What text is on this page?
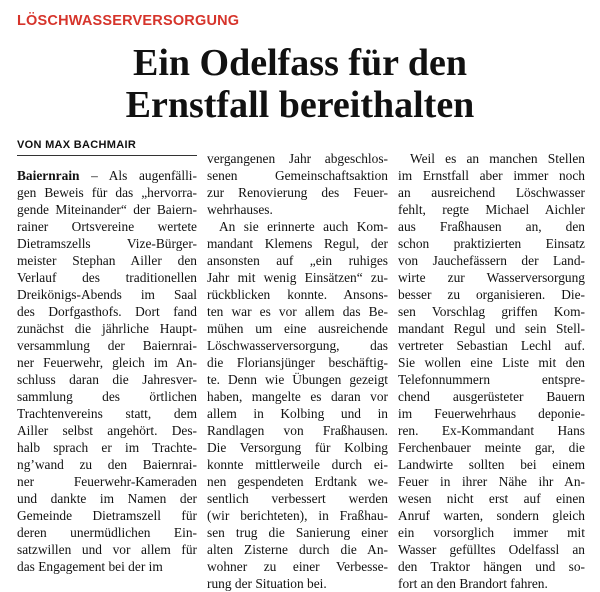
LÖSCHWASSERVERSORGUNG
Ein Odelfass für den
Ernstfall bereithalten
VON MAX BACHMAIR
Baiernrain – Als augenfälli-
gen Beweis für das „hervorra-
gende Miteinander“ der Baiern-
rainer Ortsvereine wertete
Dietramszells Vize-Bürger-
meister Stephan Ailler den
Verlauf des traditionellen
Dreikönigs-Abends im Saal
des Dorfgasthofs. Dort fand
zunächst die jährliche Haupt-
versammlung der Baiernrai-
ner Feuerwehr, gleich im An-
schluss daran die Jahresver-
sammlung des örtlichen
Trachtenvereins statt, dem
Ailler selbst angehört. Des-
halb sprach er im Trachte-
ng’wand zu den Baiernrai-
ner Feuerwehr-Kameraden
und dankte im Namen der
Gemeinde Dietramszell für
deren unermüdlichen Ein-
satzwillen und vor allem für
das Engagement bei der im
vergangenen Jahr abgeschlos-
senen Gemeinschaftsaktion
zur Renovierung des Feuer-
wehrhauses.
An sie erinnerte auch Kom-
mandant Klemens Regul, der
ansonsten auf „ein ruhiges
Jahr mit wenig Einsätzen“ zu-
rückblicken konnte. Ansons-
ten war es vor allem das Be-
mühen um eine ausreichende
Löschwasserversorgung, das
die Floriansjünger beschäftig-
te. Denn wie Übungen gezeigt
haben, mangelte es daran vor
allem in Kolbing und in
Randlagen von Fraßhausen.
Die Versorgung für Kolbing
konnte mittlerweile durch ei-
nen gespendeten Erdtank we-
sentlich verbessert werden
(wir berichteten), in Fraßhau-
sen trug die Sanierung einer
alten Zisterne durch die An-
wohner zu einer Verbesse-
rung der Situation bei.
Weil es an manchen Stellen
im Ernstfall aber immer noch
an ausreichend Löschwasser
fehlt, regte Michael Aichler
aus Fraßhausen an, den
schon praktizierten Einsatz
von Jauchefässern der Land-
wirte zur Wasserversorgung
besser zu organisieren. Die-
sen Vorschlag griffen Kom-
mandant Regul und sein Stell-
vertreter Sebastian Lechl auf.
Sie wollen eine Liste mit den
Telefonnummern entspre-
chend ausgerüsteter Bauern
im Feuerwehrhaus deponie-
ren. Ex-Kommandant Hans
Ferchenbauer meinte gar, die
Landwirte sollten bei einem
Feuer in ihrer Nähe ihr An-
wesen nicht erst auf einen
Anruf warten, sondern gleich
ein vorsorglich immer mit
Wasser gefülltes Odelfassl an
den Traktor hängen und so-
fort an den Brandort fahren.
